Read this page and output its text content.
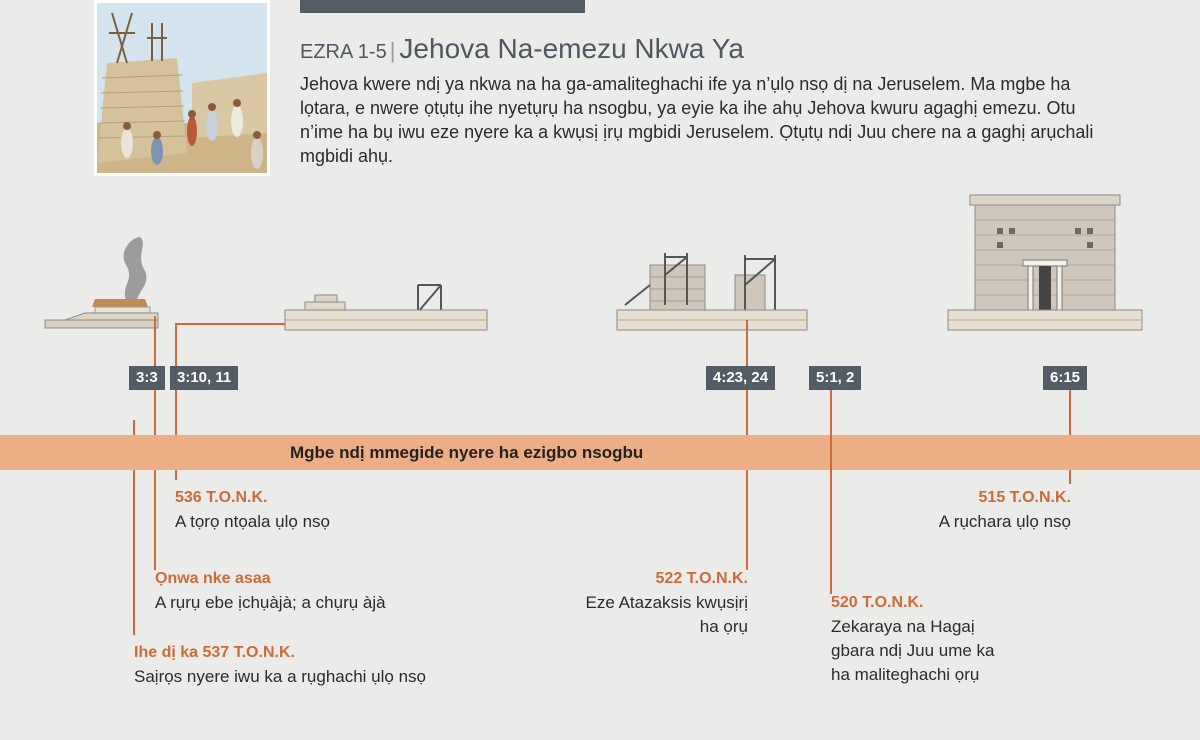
EZRA 1-5 | Jehova Na-emezu Nkwa Ya
Jehova kwere ndị ya nkwa na ha ga-amaliteghachi ife ya n’ụlọ nsọ dị na Jeruselem. Ma mgbe ha lọtara, e nwere ọtụtụ ihe nyetụrụ ha nsogbu, ya eyie ka ihe ahụ Jehova kwuru agaghị emezu. Otu n’ime ha bụ iwu eze nyere ka a kwụsị ịrụ mgbidi Jeruselem. Ọtụtụ ndị Juu chere na a gaghị arụchali mgbidi ahụ.
3:3	3:10, 11	4:23, 24	5:1, 2	6:15
Mgbe ndị mmegide nyere ha ezigbo nsogbu
536 T.O.N.K.
A tọrọ ntọala ụlọ nsọ
Ọnwa nke asaa
A rụrụ ebe ịchụàjà; a chụrụ àjà
Ihe dị ka 537 T.O.N.K.
Saịrọs nyere iwu ka a rụghachi ụlọ nsọ
522 T.O.N.K.
Eze Atazaksis kwụsịrị
ha ọrụ
520 T.O.N.K.
Zekaraya na Hagaị
gbara ndị Juu ume ka
ha maliteghachi ọrụ
515 T.O.N.K.
A rụchara ụlọ nsọ
